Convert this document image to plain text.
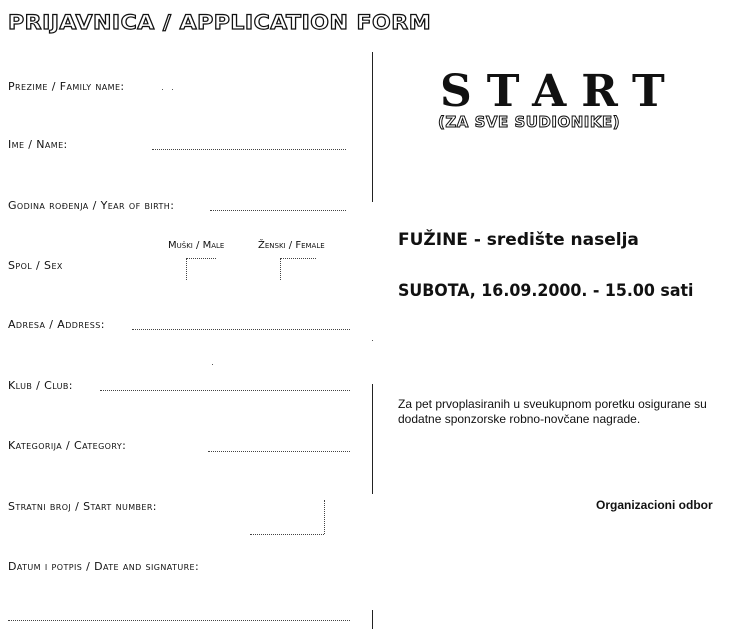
PRIJAVNICA / APPLICATION FORM
Prezime / Family name:
Ime / Name:
Godina rođenja / Year of birth:
Muški / Male	Ženski / Female
Spol / Sex
Adresa / Address:
Klub / Club:
Kategorija / Category:
Stratni broj / Start number:
Datum i potpis / Date and signature:
START
(ZA SVE SUDIONIKE)
FUŽINE - središte naselja
SUBOTA, 16.09.2000. - 15.00 sati
Za pet prvoplasiranih u sveukupnom poretku osigurane su dodatne sponzorske robno-novčane nagrade.
Organizacioni odbor
